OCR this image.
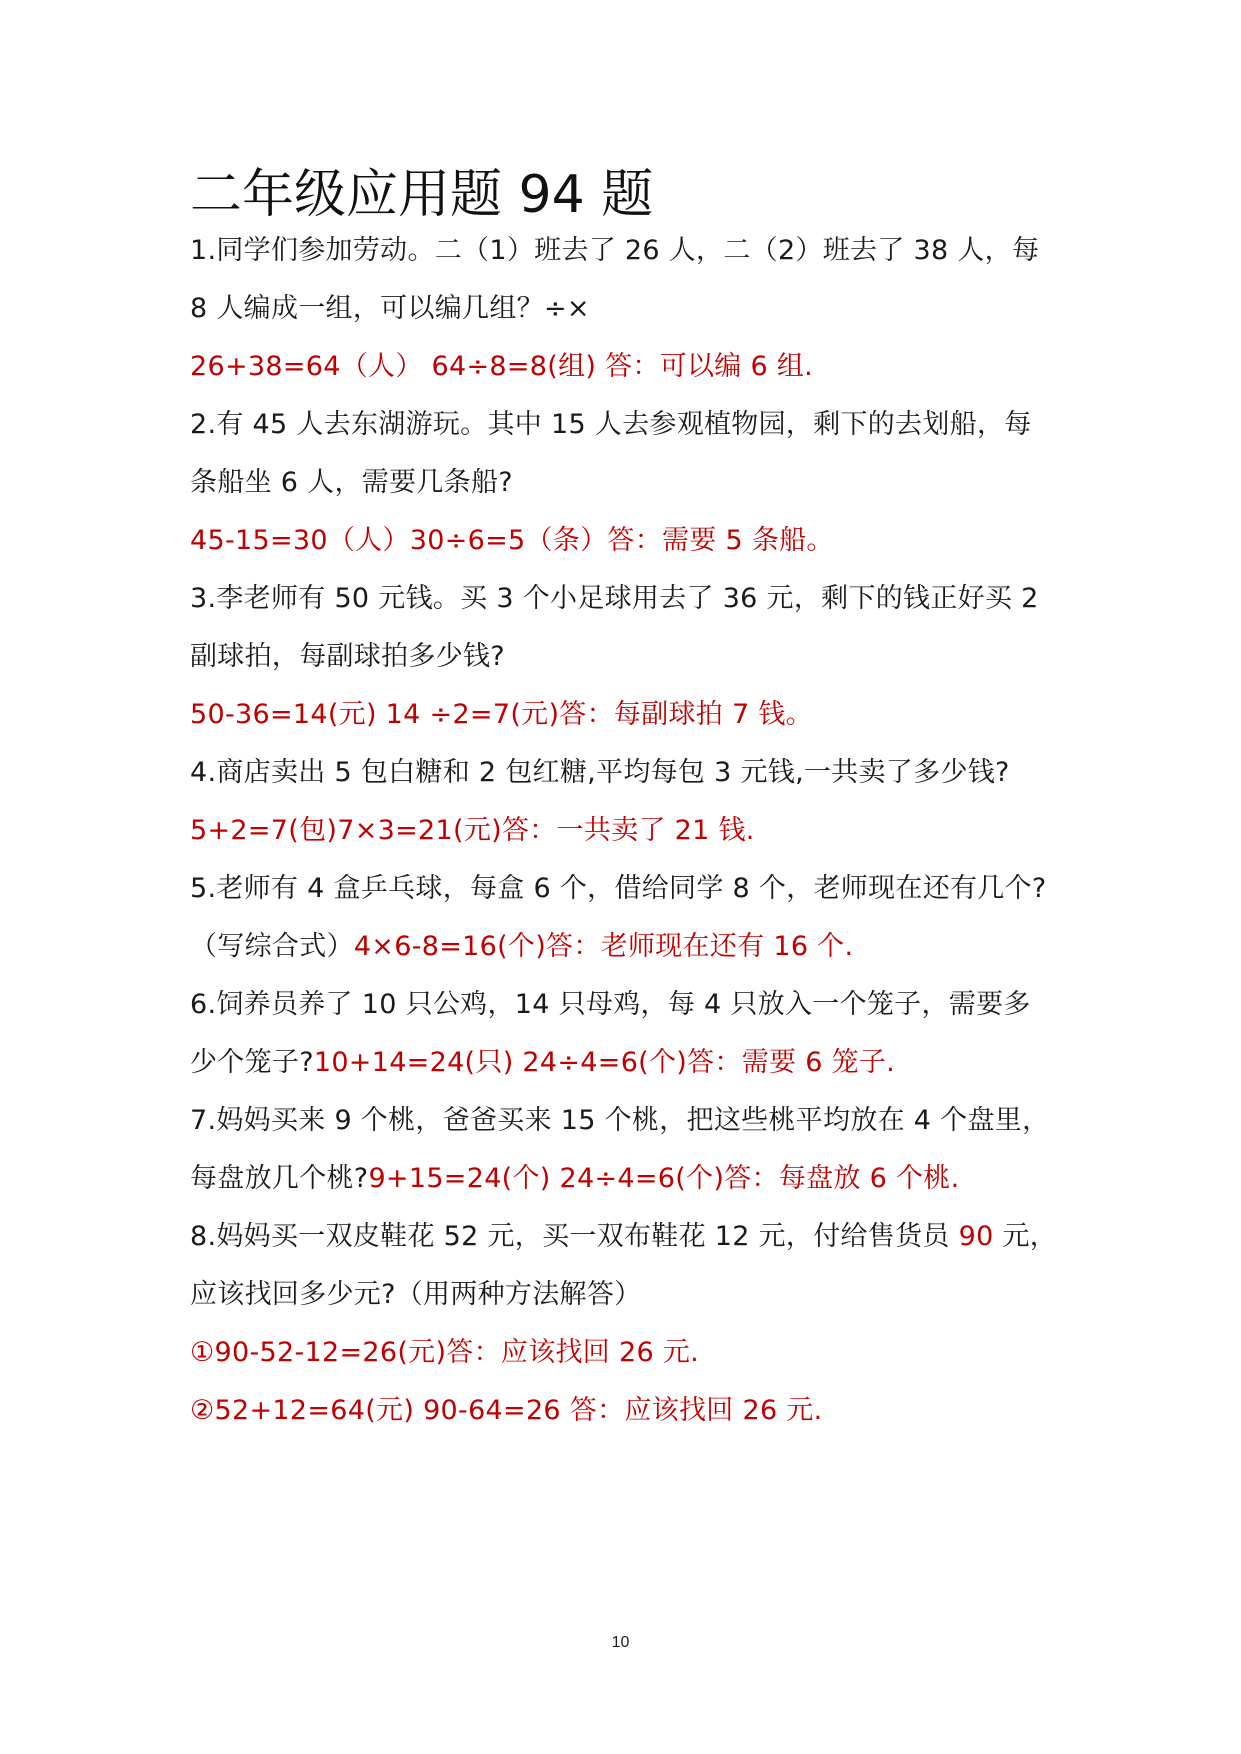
二年级应用题 94 题
1.同学们参加劳动。二（1）班去了 26 人，二（2）班去了 38 人，每
8 人编成一组，可以编几组？÷×
26+38=64（人） 64÷8=8(组) 答：可以编 6 组.
2.有 45 人去东湖游玩。其中 15 人去参观植物园，剩下的去划船，每
条船坐 6 人，需要几条船?
45-15=30（人）30÷6=5（条）答：需要 5 条船。
3.李老师有 50 元钱。买 3 个小足球用去了 36 元，剩下的钱正好买 2
副球拍，每副球拍多少钱?
50-36=14(元) 14 ÷2=7(元)答：每副球拍 7 钱。
4.商店卖出 5 包白糖和 2 包红糖,平均每包 3 元钱,一共卖了多少钱?
5+2=7(包)7×3=21(元)答：一共卖了 21 钱.
5.老师有 4 盒乒乓球，每盒 6 个，借给同学 8 个，老师现在还有几个?
（写综合式）4×6-8=16(个)答：老师现在还有 16 个.
6.饲养员养了 10 只公鸡，14 只母鸡，每 4 只放入一个笼子，需要多
少个笼子?10+14=24(只) 24÷4=6(个)答：需要 6 笼子.
7.妈妈买来 9 个桃，爸爸买来 15 个桃，把这些桃平均放在 4 个盘里，
每盘放几个桃?9+15=24(个) 24÷4=6(个)答：每盘放 6 个桃.
8.妈妈买一双皮鞋花 52 元，买一双布鞋花 12 元，付给售货员 90 元，
应该找回多少元?（用两种方法解答）
①90-52-12=26(元)答：应该找回 26 元.
②52+12=64(元) 90-64=26 答：应该找回 26 元.
10
